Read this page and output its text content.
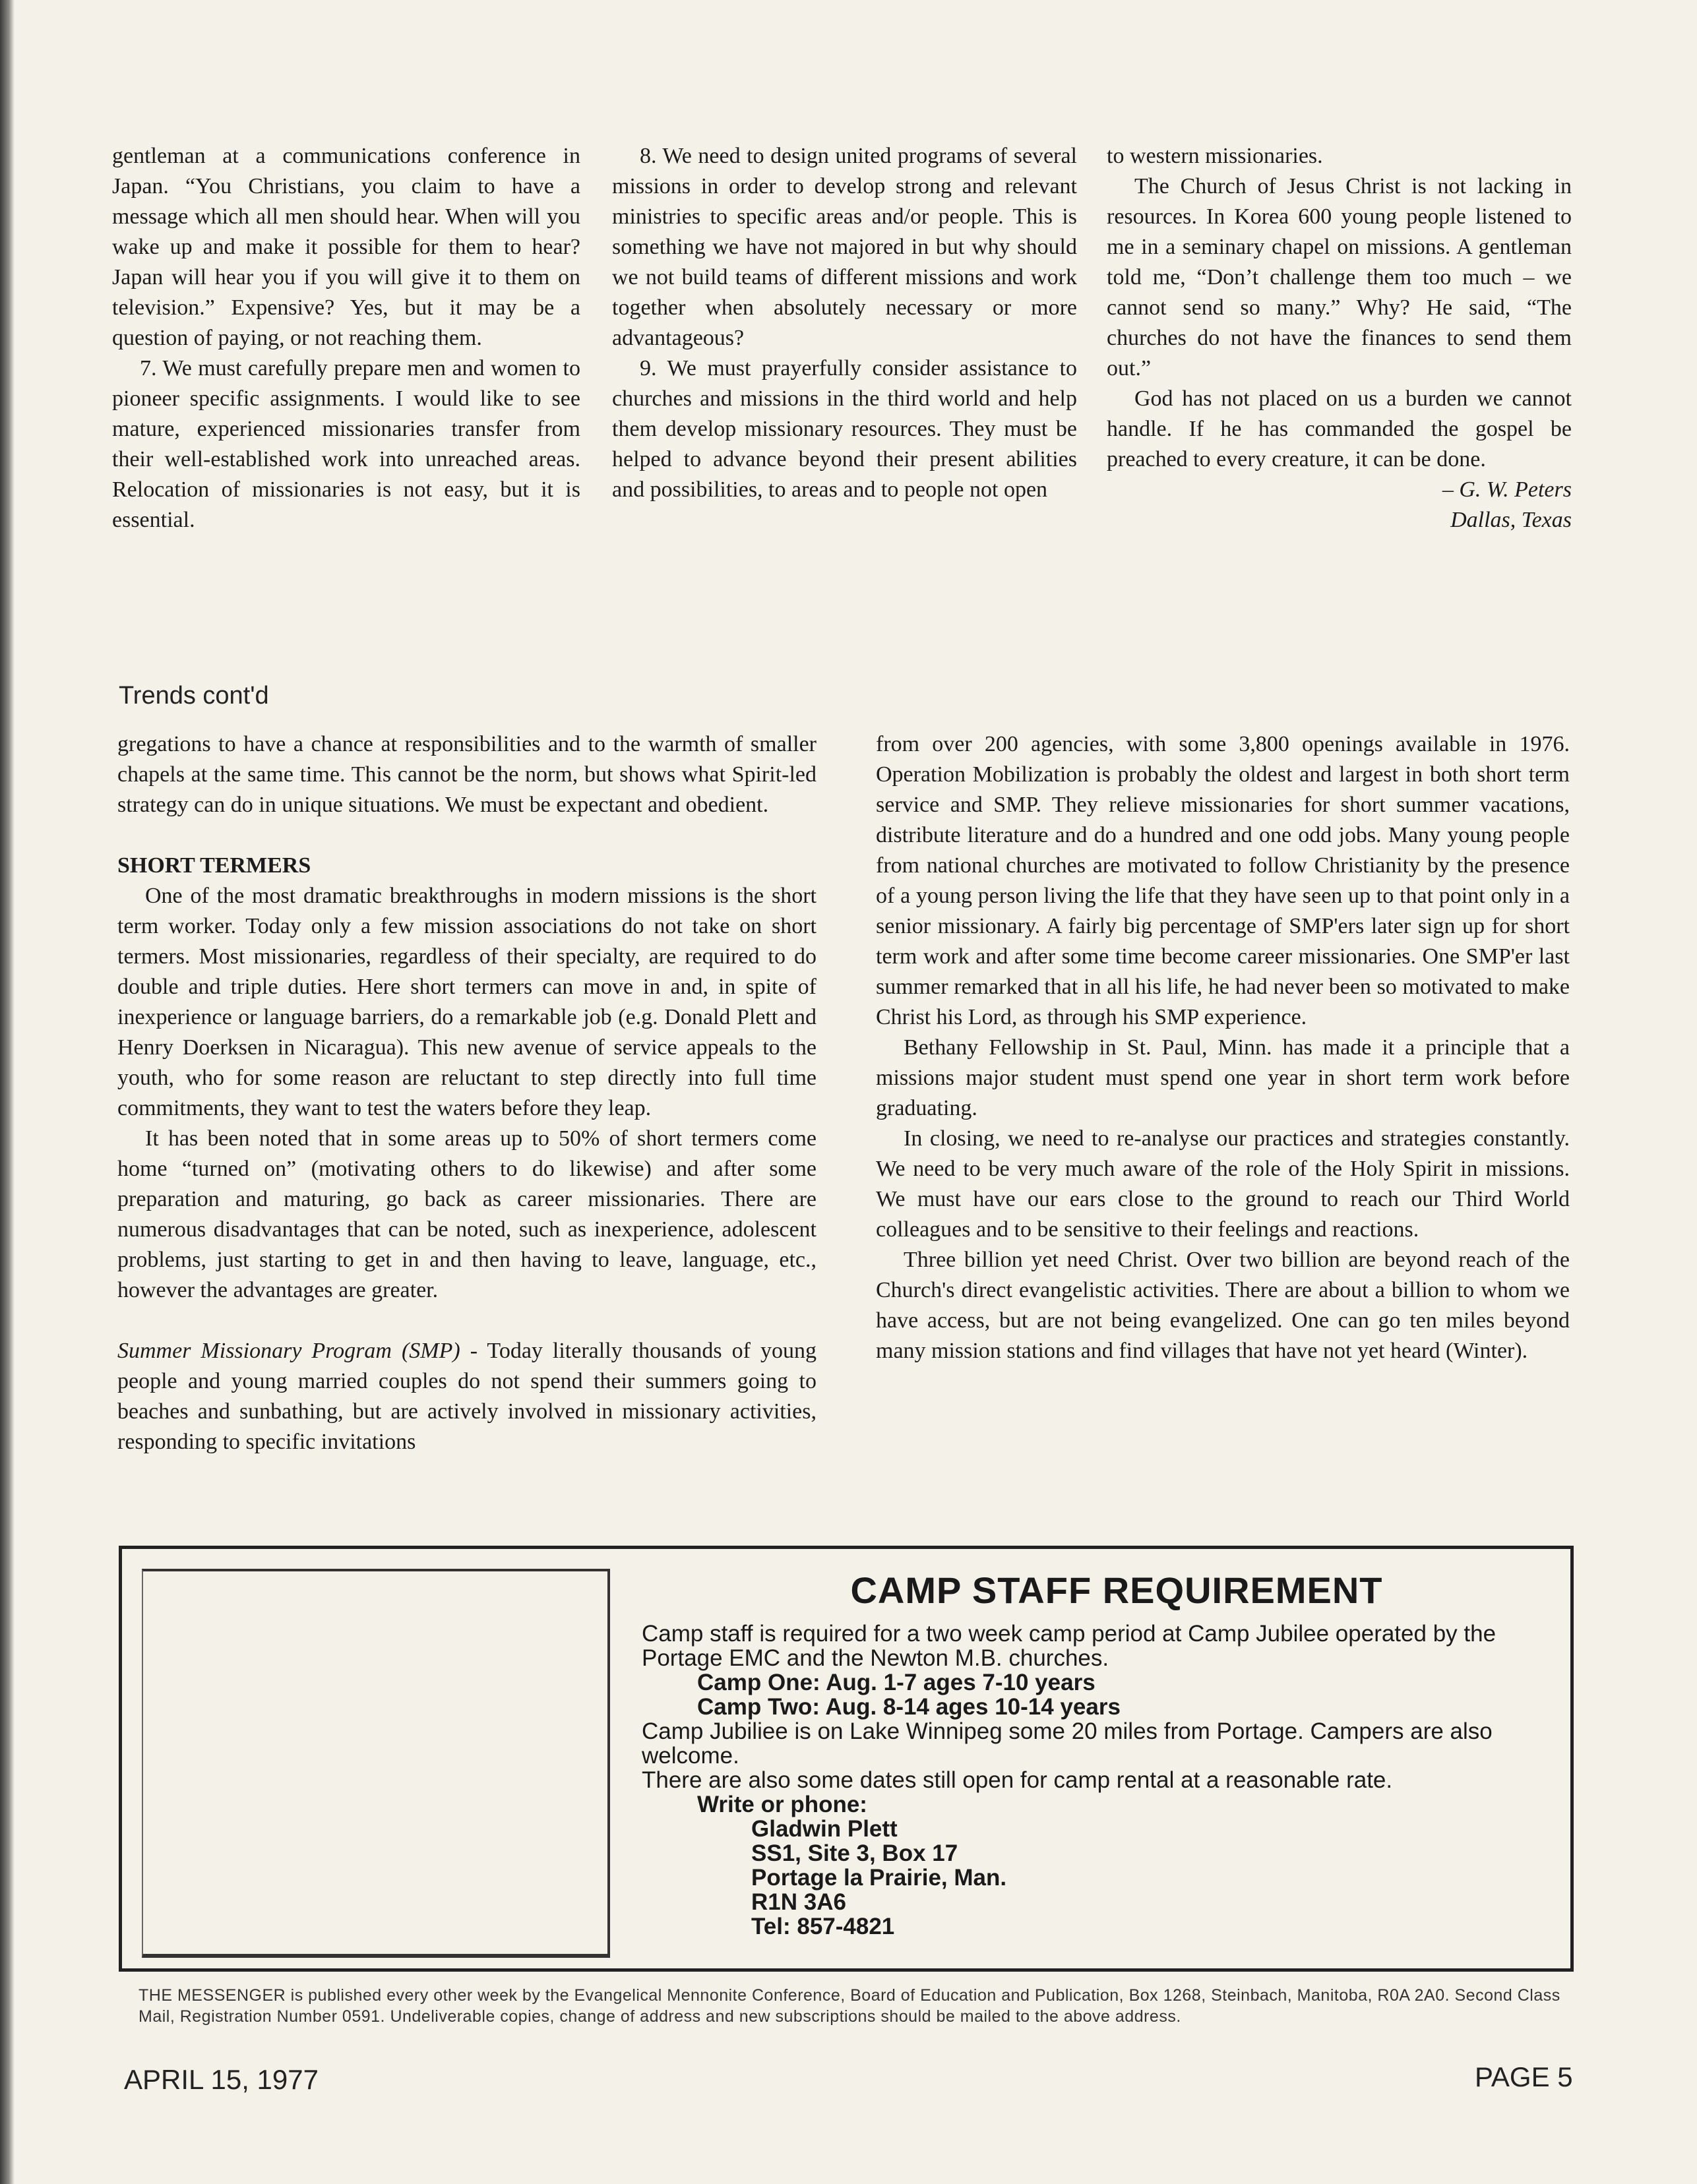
gentleman at a communications conference in Japan. “You Christians, you claim to have a message which all men should hear. When will you wake up and make it possible for them to hear? Japan will hear you if you will give it to them on television.” Expensive? Yes, but it may be a question of paying, or not reaching them.

7. We must carefully prepare men and women to pioneer specific assignments. I would like to see mature, experienced missionaries transfer from their well-established work into unreached areas. Relocation of missionaries is not easy, but it is essential.

8. We need to design united programs of several missions in order to develop strong and relevant ministries to specific areas and/or people. This is something we have not majored in but why should we not build teams of different missions and work together when absolutely necessary or more advantageous?

9. We must prayerfully consider assistance to churches and missions in the third world and help them develop missionary resources. They must be helped to advance beyond their present abilities and possibilities, to areas and to people not open

to western missionaries.

The Church of Jesus Christ is not lacking in resources. In Korea 600 young people listened to me in a seminary chapel on missions. A gentleman told me, “Don’t challenge them too much – we cannot send so many.” Why? He said, “The churches do not have the finances to send them out.”

God has not placed on us a burden we cannot handle. If he has commanded the gospel be preached to every creature, it can be done.

– G. W. Peters

Dallas, Texas

Trends cont'd

gregations to have a chance at responsibilities and to the warmth of smaller chapels at the same time. This cannot be the norm, but shows what Spirit-led strategy can do in unique situations. We must be expectant and obedient.

SHORT TERMERS

One of the most dramatic breakthroughs in modern missions is the short term worker. Today only a few mission associations do not take on short termers. Most missionaries, regardless of their specialty, are required to do double and triple duties. Here short termers can move in and, in spite of inexperience or language barriers, do a remarkable job (e.g. Donald Plett and Henry Doerksen in Nicaragua). This new avenue of service appeals to the youth, who for some reason are reluctant to step directly into full time commitments, they want to test the waters before they leap.

It has been noted that in some areas up to 50% of short termers come home “turned on” (motivating others to do likewise) and after some preparation and maturing, go back as career missionaries. There are numerous disadvantages that can be noted, such as inexperience, adolescent problems, just starting to get in and then having to leave, language, etc., however the advantages are greater.

Summer Missionary Program (SMP) - Today literally thousands of young people and young married couples do not spend their summers going to beaches and sunbathing, but are actively involved in missionary activities, responding to specific invitations

from over 200 agencies, with some 3,800 openings available in 1976. Operation Mobilization is probably the oldest and largest in both short term service and SMP. They relieve missionaries for short summer vacations, distribute literature and do a hundred and one odd jobs. Many young people from national churches are motivated to follow Christianity by the presence of a young person living the life that they have seen up to that point only in a senior missionary. A fairly big percentage of SMP'ers later sign up for short term work and after some time become career missionaries. One SMP'er last summer remarked that in all his life, he had never been so motivated to make Christ his Lord, as through his SMP experience.

Bethany Fellowship in St. Paul, Minn. has made it a principle that a missions major student must spend one year in short term work before graduating.

In closing, we need to re-analyse our practices and strategies constantly. We need to be very much aware of the role of the Holy Spirit in missions. We must have our ears close to the ground to reach our Third World colleagues and to be sensitive to their feelings and reactions.

Three billion yet need Christ. Over two billion are beyond reach of the Church's direct evangelistic activities. There are about a billion to whom we have access, but are not being evangelized. One can go ten miles beyond many mission stations and find villages that have not yet heard (Winter).

CAMP STAFF REQUIREMENT

Camp staff is required for a two week camp period at Camp Jubilee operated by the Portage EMC and the Newton M.B. churches.

Camp One: Aug. 1-7 ages 7-10 years

Camp Two: Aug. 8-14 ages 10-14 years

Camp Jubiliee is on Lake Winnipeg some 20 miles from Portage. Campers are also welcome.

There are also some dates still open for camp rental at a reasonable rate.

Write or phone:

Gladwin Plett

SS1, Site 3, Box 17

Portage la Prairie, Man.

R1N 3A6

Tel: 857-4821

THE MESSENGER is published every other week by the Evangelical Mennonite Conference, Board of Education and Publication, Box 1268, Steinbach, Manitoba, R0A 2A0. Second Class Mail, Registration Number 0591. Undeliverable copies, change of address and new subscriptions should be mailed to the above address.
APRIL 15, 1977	PAGE 5
